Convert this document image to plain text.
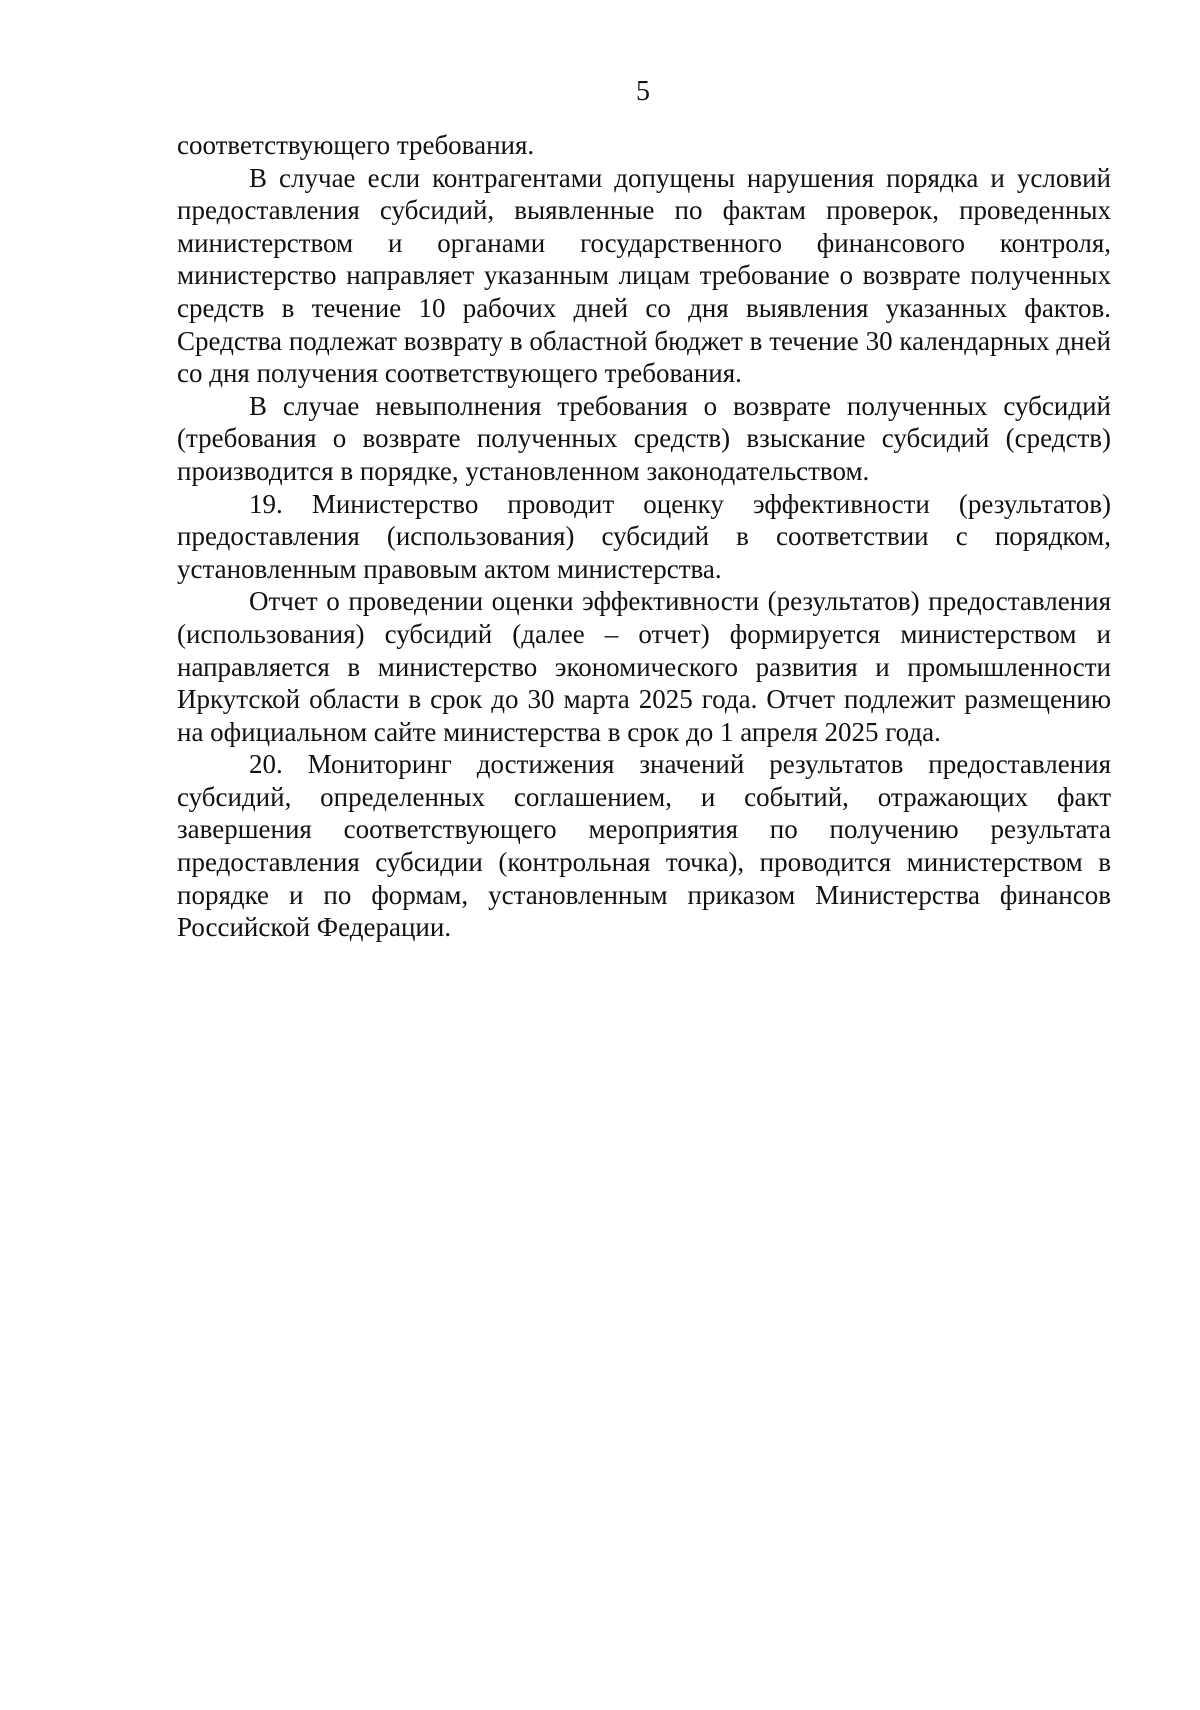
5

соответствующего требования.

В случае если контрагентами допущены нарушения порядка и условий предоставления субсидий, выявленные по фактам проверок, проведенных министерством и органами государственного финансового контроля, министерство направляет указанным лицам требование о возврате полученных средств в течение 10 рабочих дней со дня выявления указанных фактов. Средства подлежат возврату в областной бюджет в течение 30 календарных дней со дня получения соответствующего требования.

В случае невыполнения требования о возврате полученных субсидий (требования о возврате полученных средств) взыскание субсидий (средств) производится в порядке, установленном законодательством.

19. Министерство проводит оценку эффективности (результатов) предоставления (использования) субсидий в соответствии с порядком, установленным правовым актом министерства.

Отчет о проведении оценки эффективности (результатов) предоставления (использования) субсидий (далее – отчет) формируется министерством и направляется в министерство экономического развития и промышленности Иркутской области в срок до 30 марта 2025 года. Отчет подлежит размещению на официальном сайте министерства в срок до 1 апреля 2025 года.

20. Мониторинг достижения значений результатов предоставления субсидий, определенных соглашением, и событий, отражающих факт завершения соответствующего мероприятия по получению результата предоставления субсидии (контрольная точка), проводится министерством в порядке и по формам, установленным приказом Министерства финансов Российской Федерации.
